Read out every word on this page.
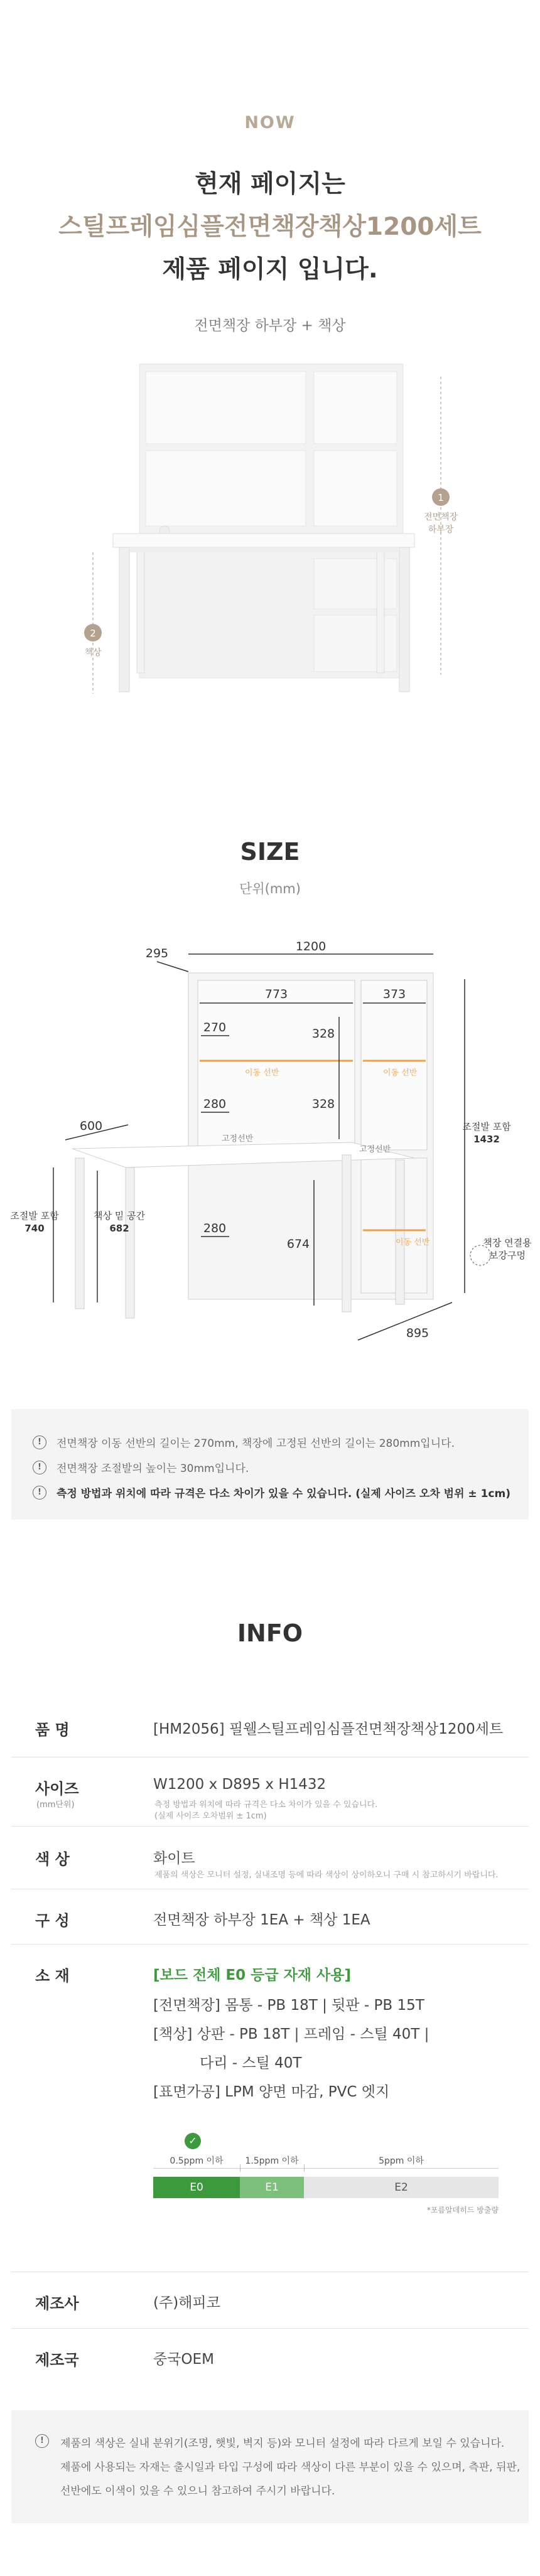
NOW
현재 페이지는
스틸프레임심플전면책장책상1200세트
제품 페이지 입니다.
전면책장 하부장 + 책상
1
전면책장
하부장
2
책상
SIZE
단위(mm)
이동 선반	이동 선반
이동 선반
고정선반
고정선반
295	1200
773	373
270	328
328
280
600
674
280
895
조절발 포함
1432
조절발 포함
740
책상 밑 공간
682
책장 연결용
보강구멍
!	전면책장 이동 선반의 길이는 270mm, 책장에 고정된 선반의 길이는 280mm입니다.
!	전면책장 조절발의 높이는 30mm입니다.
!	측정 방법과 위치에 따라 규격은 다소 차이가 있을 수 있습니다. (실제 사이즈 오차 범위 ± 1cm)
INFO
품 명	[HM2056] 필웰스틸프레임심플전면책장책상1200세트
사이즈
(mm단위)
W1200 x D895 x H1432
측정 방법과 위치에 따라 규격은 다소 차이가 있을 수 있습니다.
(실제 사이즈 오차범위 ± 1cm)
색 상	화이트
제품의 색상은 모니터 설정, 실내조명 등에 따라 색상이 상이하오니 구매 시 참고하시기 바랍니다.
구 성	전면책장 하부장 1EA + 책상 1EA
소 재	[보드 전체 E0 등급 자재 사용]
[전면책장] 몸통 - PB 18T | 뒷판 - PB 15T
[책상] 상판 - PB 18T | 프레임 - 스틸 40T |
다리 - 스틸 40T
[표면가공] LPM 양면 마감, PVC 엣지
✓
0.5ppm 이하	1.5ppm 이하	5ppm 이하
E0	E1	E2
*포름알데히드 방출량
제조사	(주)해피코
제조국	중국OEM
!	제품의 색상은 실내 분위기(조명, 햇빛, 벽지 등)와 모니터 설정에 따라 다르게 보일 수 있습니다.
제품에 사용되는 자재는 출시일과 타입 구성에 따라 색상이 다른 부분이 있을 수 있으며, 측판, 뒤판,
선반에도 이색이 있을 수 있으니 참고하여 주시기 바랍니다.
